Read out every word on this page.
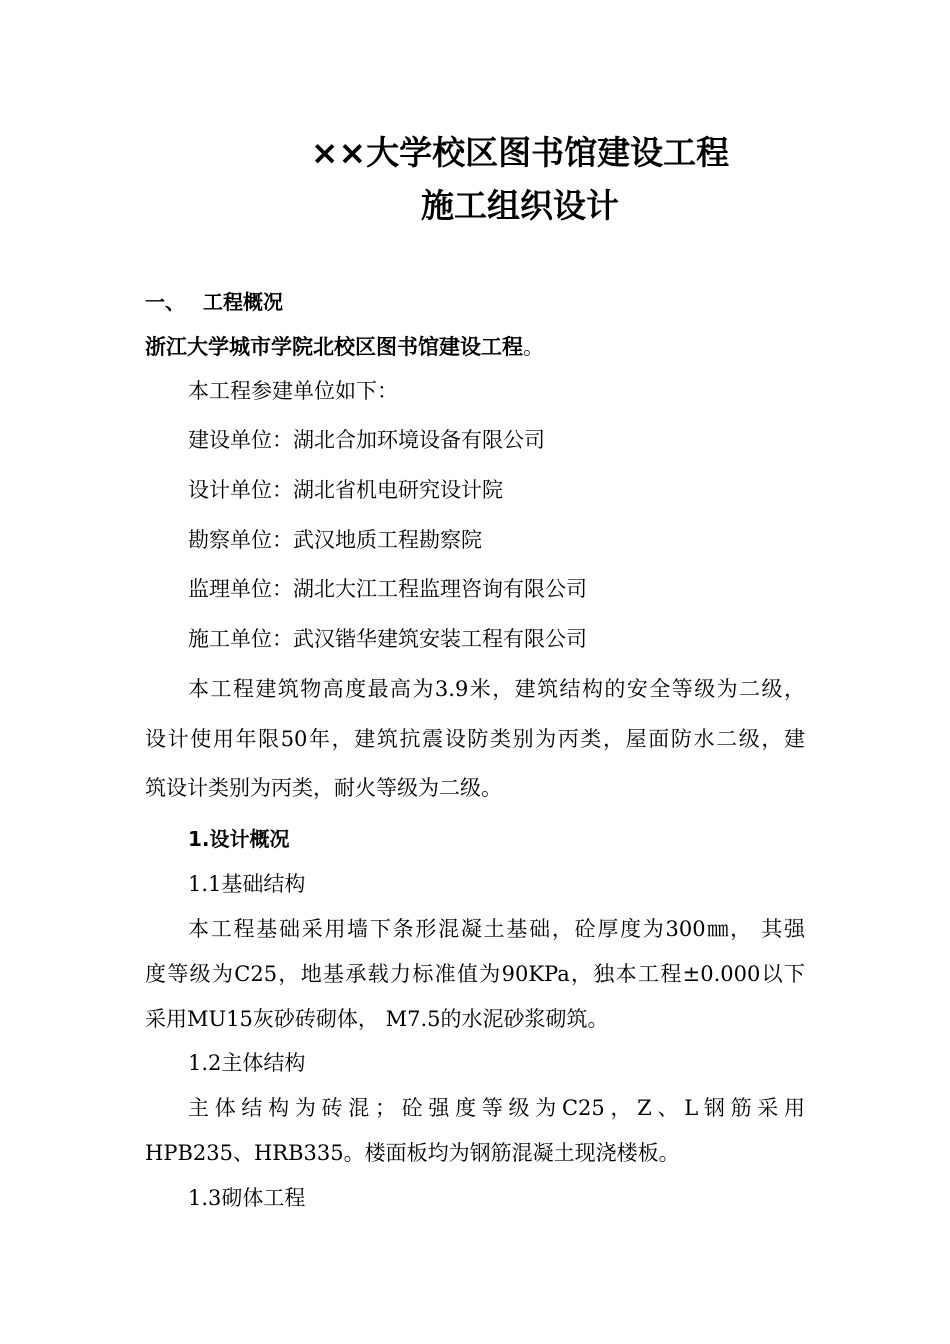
××大学校区图书馆建设工程
施工组织设计
一、 工程概况
浙江大学城市学院北校区图书馆建设工程。
本工程参建单位如下：
建设单位：湖北合加环境设备有限公司
设计单位：湖北省机电研究设计院
勘察单位：武汉地质工程勘察院
监理单位：湖北大江工程监理咨询有限公司
施工单位：武汉锴华建筑安装工程有限公司
本工程建筑物高度最高为3.9米，建筑结构的安全等级为二级，
设计使用年限50年，建筑抗震设防类别为丙类，屋面防水二级，建
筑设计类别为丙类，耐火等级为二级。
1.设计概况
1.1基础结构
本工程基础采用墙下条形混凝土基础，砼厚度为300㎜， 其强
度等级为C25，地基承载力标准值为90KPa，独本工程±0.000以下
采用MU15灰砂砖砌体， M7.5的水泥砂浆砌筑。
1.2主体结构
主体结构为砖混；砼强度等级为C25，Z、L钢筋采用
HPB235、HRB335。楼面板均为钢筋混凝土现浇楼板。
1.3砌体工程
